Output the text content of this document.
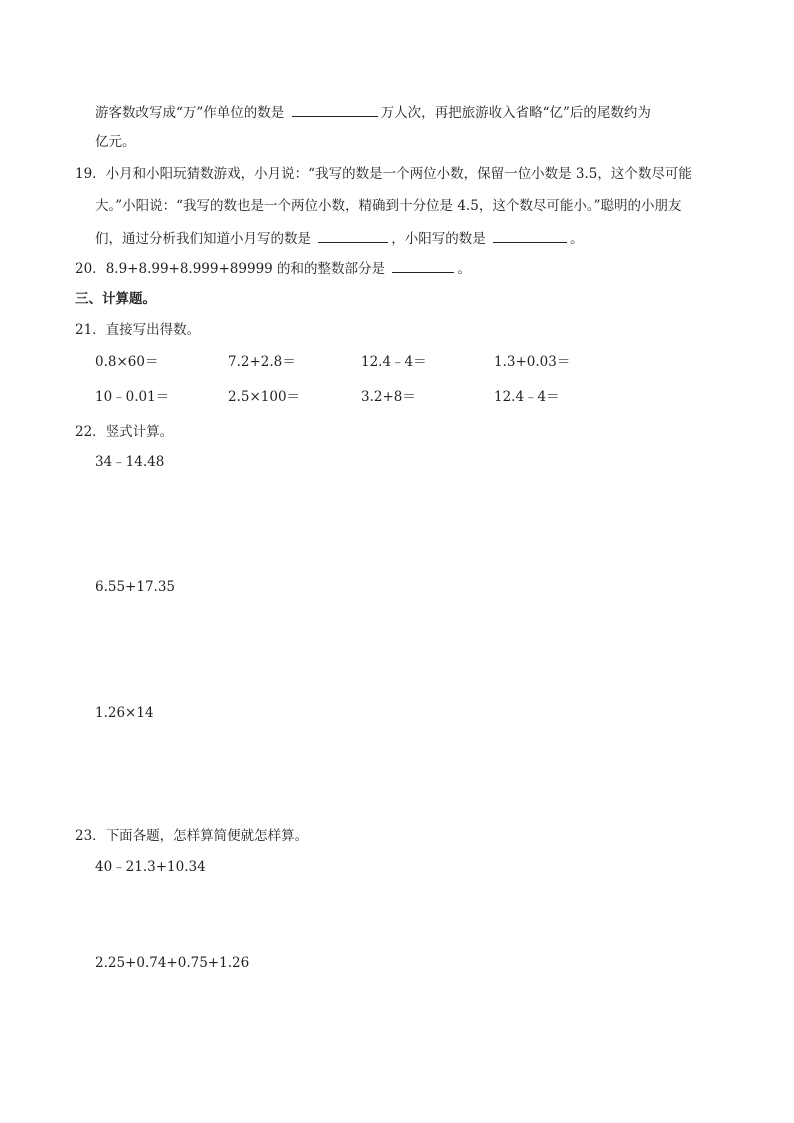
游客数改写成“万”作单位的数是	万人次，再把旅游收入省略“亿”后的尾数约为
亿元。
19．小月和小阳玩猜数游戏，小月说：“我写的数是一个两位小数，保留一位小数是 3.5，这个数尽可能
大。”小阳说：“我写的数也是一个两位小数，精确到十分位是 4.5，这个数尽可能小。”聪明的小朋友
们，通过分析我们知道小月写的数是	，小阳写的数是	。
20．8.9+8.99+8.999+89999 的和的整数部分是	。
三、计算题。
21．直接写出得数。
0.8×60＝	7.2+2.8＝	12.4﹣4＝	1.3+0.03＝
10﹣0.01＝	2.5×100＝	3.2+8＝	12.4﹣4＝
22．竖式计算。
34﹣14.48
6.55+17.35
1.26×14
23．下面各题，怎样算简便就怎样算。
40﹣21.3+10.34
2.25+0.74+0.75+1.26
